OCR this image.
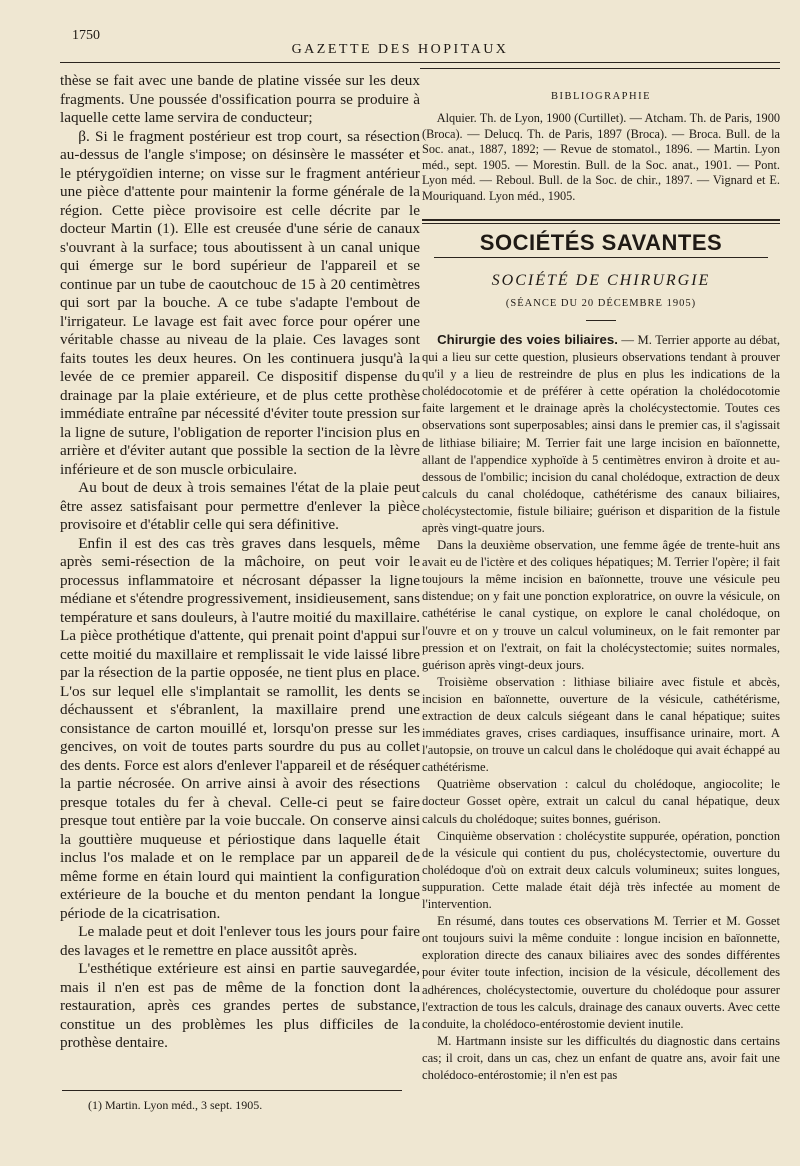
1750
GAZETTE DES HOPITAUX

thèse se fait avec une bande de platine vissée sur les deux fragments. Une poussée d'ossification pourra se produire à laquelle cette lame servira de conducteur;

β. Si le fragment postérieur est trop court, sa résection au-dessus de l'angle s'impose; on désinsère le masséter et le ptérygoïdien interne; on visse sur le fragment antérieur une pièce d'attente pour maintenir la forme générale de la région. Cette pièce provisoire est celle décrite par le docteur Martin (1). Elle est creusée d'une série de canaux s'ouvrant à la surface; tous aboutissent à un canal unique qui émerge sur le bord supérieur de l'appareil et se continue par un tube de caoutchouc de 15 à 20 centimètres qui sort par la bouche. A ce tube s'adapte l'embout de l'irrigateur. Le lavage est fait avec force pour opérer une véritable chasse au niveau de la plaie. Ces lavages sont faits toutes les deux heures. On les continuera jusqu'à la levée de ce premier appareil. Ce dispositif dispense du drainage par la plaie extérieure, et de plus cette prothèse immédiate entraîne par nécessité d'éviter toute pression sur la ligne de suture, l'obligation de reporter l'incision plus en arrière et d'éviter autant que possible la section de la lèvre inférieure et de son muscle orbiculaire.

Au bout de deux à trois semaines l'état de la plaie peut être assez satisfaisant pour permettre d'enlever la pièce provisoire et d'établir celle qui sera définitive.

Enfin il est des cas très graves dans lesquels, même après semi-résection de la mâchoire, on peut voir le processus inflammatoire et nécrosant dépasser la ligne médiane et s'étendre progressivement, insidieusement, sans température et sans douleurs, à l'autre moitié du maxillaire. La pièce prothétique d'attente, qui prenait point d'appui sur cette moitié du maxillaire et remplissait le vide laissé libre par la résection de la partie opposée, ne tient plus en place. L'os sur lequel elle s'implantait se ramollit, les dents se déchaussent et s'ébranlent, la maxillaire prend une consistance de carton mouillé et, lorsqu'on presse sur les gencives, on voit de toutes parts sourdre du pus au collet des dents. Force est alors d'enlever l'appareil et de réséquer la partie nécrosée. On arrive ainsi à avoir des résections presque totales du fer à cheval. Celle-ci peut se faire presque tout entière par la voie buccale. On conserve ainsi la gouttière muqueuse et périostique dans laquelle était inclus l'os malade et on le remplace par un appareil de même forme en étain lourd qui maintient la configuration extérieure de la bouche et du menton pendant la longue période de la cicatrisation.

Le malade peut et doit l'enlever tous les jours pour faire des lavages et le remettre en place aussitôt après.

L'esthétique extérieure est ainsi en partie sauvegardée, mais il n'en est pas de même de la fonction dont la restauration, après ces grandes pertes de substance, constitue un des problèmes les plus difficiles de la prothèse dentaire.

(1) Martin. Lyon méd., 3 sept. 1905.
BIBLIOGRAPHIE

Alquier. Th. de Lyon, 1900 (Curtillet). — Atcham. Th. de Paris, 1900 (Broca). — Delucq. Th. de Paris, 1897 (Broca). — Broca. Bull. de la Soc. anat., 1887, 1892; — Revue de stomatol., 1896. — Martin. Lyon méd., sept. 1905. — Morestin. Bull. de la Soc. anat., 1901. — Pont. Lyon méd. — Reboul. Bull. de la Soc. de chir., 1897. — Vignard et E. Mouriquand. Lyon méd., 1905.

SOCIÉTÉS SAVANTES
SOCIÉTÉ DE CHIRURGIE
(SÉANCE DU 20 DÉCEMBRE 1905)

Chirurgie des voies biliaires. — M. Terrier apporte au débat, qui a lieu sur cette question, plusieurs observations tendant à prouver qu'il y a lieu de restreindre de plus en plus les indications de la cholédocotomie et de préférer à cette opération la cholédocotomie faite largement et le drainage après la cholécystectomie. Toutes ces observations sont superposables; ainsi dans le premier cas, il s'agissait de lithiase biliaire; M. Terrier fait une large incision en baïonnette, allant de l'appendice xyphoïde à 5 centimètres environ à droite et au-dessous de l'ombilic; incision du canal cholédoque, extraction de deux calculs du canal cholédoque, cathétérisme des canaux biliaires, cholécystectomie, fistule biliaire; guérison et disparition de la fistule après vingt-quatre jours.

Dans la deuxième observation, une femme âgée de trente-huit ans avait eu de l'ictère et des coliques hépatiques; M. Terrier l'opère; il fait toujours la même incision en baïonnette, trouve une vésicule peu distendue; on y fait une ponction exploratrice, on ouvre la vésicule, on cathétérise le canal cystique, on explore le canal cholédoque, on l'ouvre et on y trouve un calcul volumineux, on le fait remonter par pression et on l'extrait, on fait la cholécystectomie; suites normales, guérison après vingt-deux jours.

Troisième observation : lithiase biliaire avec fistule et abcès, incision en baïonnette, ouverture de la vésicule, cathétérisme, extraction de deux calculs siégeant dans le canal hépatique; suites immédiates graves, crises cardiaques, insuffisance urinaire, mort. A l'autopsie, on trouve un calcul dans le cholédoque qui avait échappé au cathétérisme.

Quatrième observation : calcul du cholédoque, angiocolite; le docteur Gosset opère, extrait un calcul du canal hépatique, deux calculs du cholédoque; suites bonnes, guérison.

Cinquième observation : cholécystite suppurée, opération, ponction de la vésicule qui contient du pus, cholécystectomie, ouverture du cholédoque d'où on extrait deux calculs volumineux; suites longues, suppuration. Cette malade était déjà très infectée au moment de l'intervention.

En résumé, dans toutes ces observations M. Terrier et M. Gosset ont toujours suivi la même conduite : longue incision en baïonnette, exploration directe des canaux biliaires avec des sondes différentes pour éviter toute infection, incision de la vésicule, décollement des adhérences, cholécystectomie, ouverture du cholédoque pour assurer l'extraction de tous les calculs, drainage des canaux ouverts. Avec cette conduite, la cholédoco-entérostomie devient inutile.

M. Hartmann insiste sur les difficultés du diagnostic dans certains cas; il croit, dans un cas, chez un enfant de quatre ans, avoir fait une cholédoco-entérostomie; il n'en est pas
